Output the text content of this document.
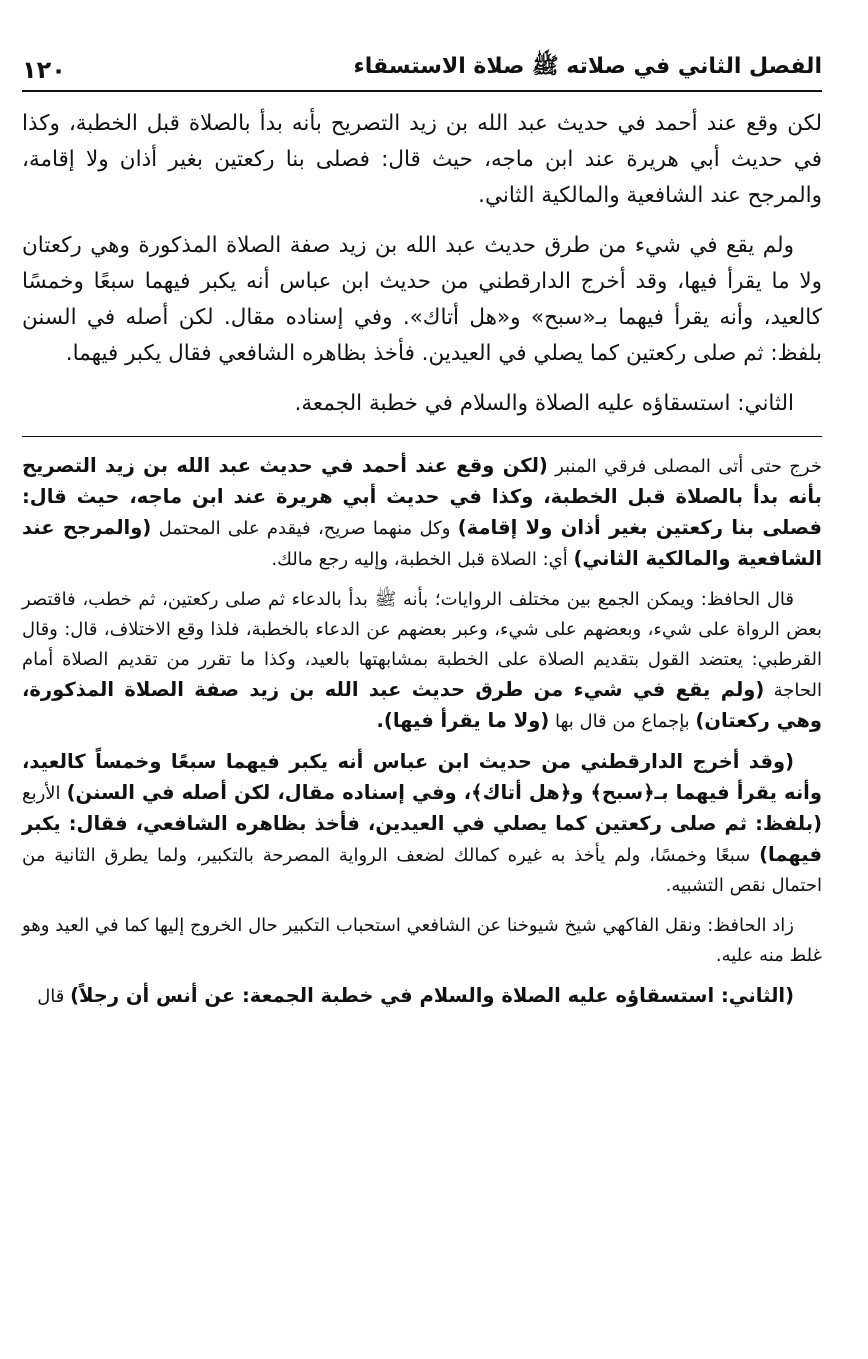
الفصل الثاني في صلاته ﷺ صلاة الاستسقاء
١٢٠

لكن وقع عند أحمد في حديث عبد الله بن زيد التصريح بأنه بدأ بالصلاة قبل الخطبة، وكذا في حديث أبي هريرة عند ابن ماجه، حيث قال: فصلى بنا ركعتين بغير أذان ولا إقامة، والمرجح عند الشافعية والمالكية الثاني.

ولم يقع في شيء من طرق حديث عبد الله بن زيد صفة الصلاة المذكورة وهي ركعتان ولا ما يقرأ فيها، وقد أخرج الدارقطني من حديث ابن عباس أنه يكبر فيهما سبعًا وخمسًا كالعيد، وأنه يقرأ فيهما بـ«سبح» و«هل أتاك». وفي إسناده مقال. لكن أصله في السنن بلفظ: ثم صلى ركعتين كما يصلي في العيدين. فأخذ بظاهره الشافعي فقال يكبر فيهما.

الثاني: استسقاؤه عليه الصلاة والسلام في خطبة الجمعة.

خرج حتى أتى المصلى فرقي المنبر (لكن وقع عند أحمد في حديث عبد الله بن زيد التصريح بأنه بدأ بالصلاة قبل الخطبة، وكذا في حديث أبي هريرة عند ابن ماجه، حيث قال: فصلى بنا ركعتين بغير أذان ولا إقامة) وكل منهما صريح، فيقدم على المحتمل (والمرجح عند الشافعية والمالكية الثاني) أي: الصلاة قبل الخطبة، وإليه رجع مالك.

قال الحافظ: ويمكن الجمع بين مختلف الروايات؛ بأنه ﷺ بدأ بالدعاء ثم صلى ركعتين، ثم خطب، فاقتصر بعض الرواة على شيء، وبعضهم على شيء، وعبر بعضهم عن الدعاء بالخطبة، فلذا وقع الاختلاف، قال: وقال القرطبي: يعتضد القول بتقديم الصلاة على الخطبة بمشابهتها بالعيد، وكذا ما تقرر من تقديم الصلاة أمام الحاجة (ولم يقع في شيء من طرق حديث عبد الله بن زيد صفة الصلاة المذكورة، وهي ركعتان) بإجماع من قال بها (ولا ما يقرأ فيها).

(وقد أخرج الدارقطني من حديث ابن عباس أنه يكبر فيهما سبعًا وخمساً كالعيد، وأنه يقرأ فيهما بـ﴿سبح﴾ و﴿هل أتاك﴾، وفي إسناده مقال، لكن أصله في السنن) الأربع (بلفظ: ثم صلى ركعتين كما يصلي في العيدين، فأخذ بظاهره الشافعي، فقال: يكبر فيهما) سبعًا وخمسًا، ولم يأخذ به غيره كمالك لضعف الرواية المصرحة بالتكبير، ولما يطرق الثانية من احتمال نقص التشبيه.

زاد الحافظ: ونقل الفاكهي شيخ شيوخنا عن الشافعي استحباب التكبير حال الخروج إليها كما في العيد وهو غلط منه عليه.

(الثاني: استسقاؤه عليه الصلاة والسلام في خطبة الجمعة: عن أنس أن رجلاً) قال
